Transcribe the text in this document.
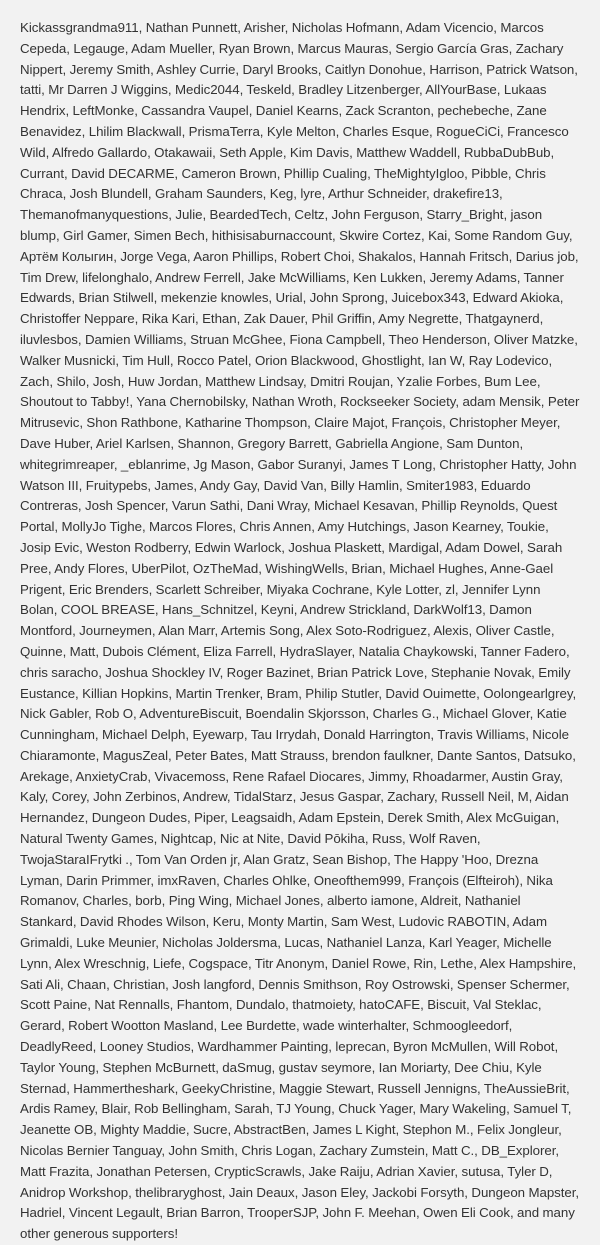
Kickassgrandma911, Nathan Punnett, Arisher, Nicholas Hofmann, Adam Vicencio, Marcos Cepeda, Legauge, Adam Mueller, Ryan Brown, Marcus Mauras, Sergio García Gras, Zachary Nippert, Jeremy Smith, Ashley Currie, Daryl Brooks, Caitlyn Donohue, Harrison, Patrick Watson, tatti, Mr Darren J Wiggins, Medic2044, Teskeld, Bradley Litzenberger, AllYourBase, Lukaas Hendrix, LeftMonke, Cassandra Vaupel, Daniel Kearns, Zack Scranton, pechebeche, Zane Benavidez, Lhilim Blackwall, PrismaTerra, Kyle Melton, Charles Esque, RogueCiCi, Francesco Wild, Alfredo Gallardo, Otakawaii, Seth Apple, Kim Davis, Matthew Waddell, RubbaDubBub, Currant, David DECARME, Cameron Brown, Phillip Cualing, TheMightyIgloo, Pibble, Chris Chraca, Josh Blundell, Graham Saunders, Keg, lyre, Arthur Schneider, drakefire13, Themanofmanyquestions, Julie, BeardedTech, Celtz, John Ferguson, Starry_Bright, jason blump, Girl Gamer, Simen Bech, hithisisaburnaccount, Skwire Cortez, Kai, Some Random Guy, Артём Колыгин, Jorge Vega, Aaron Phillips, Robert Choi, Shakalos, Hannah Fritsch, Darius job, Tim Drew, lifelonghalo, Andrew Ferrell, Jake McWilliams, Ken Lukken, Jeremy Adams, Tanner Edwards, Brian Stilwell, mekenzie knowles, Urial, John Sprong, Juicebox343, Edward Akioka, Christoffer Neppare, Rika Kari, Ethan, Zak Dauer, Phil Griffin, Amy Negrette, Thatgaynerd, iluvlesbos, Damien Williams, Struan McGhee, Fiona Campbell, Theo Henderson, Oliver Matzke, Walker Musnicki, Tim Hull, Rocco Patel, Orion Blackwood, Ghostlight, Ian W, Ray Lodevico, Zach, Shilo, Josh, Huw Jordan, Matthew Lindsay, Dmitri Roujan, Yzalie Forbes, Bum Lee, Shoutout to Tabby!, Yana Chernobilsky, Nathan Wroth, Rockseeker Society, adam Mensik, Peter Mitrusevic, Shon Rathbone, Katharine Thompson, Claire Majot, François, Christopher Meyer, Dave Huber, Ariel Karlsen, Shannon, Gregory Barrett, Gabriella Angione, Sam Dunton, whitegrimreaper, _eblanrime, Jg Mason, Gabor Suranyi, James T Long, Christopher Hatty, John Watson III, Fruitypebs, James, Andy Gay, David Van, Billy Hamlin, Smiter1983, Eduardo Contreras, Josh Spencer, Varun Sathi, Dani Wray, Michael Kesavan, Phillip Reynolds, Quest Portal, MollyJo Tighe, Marcos Flores, Chris Annen, Amy Hutchings, Jason Kearney, Toukie, Josip Evic, Weston Rodberry, Edwin Warlock, Joshua Plaskett, Mardigal, Adam Dowel, Sarah Pree, Andy Flores, UberPilot, OzTheMad, WishingWells, Brian, Michael Hughes, Anne-Gael Prigent, Eric Brenders, Scarlett Schreiber, Miyaka Cochrane, Kyle Lotter, zl, Jennifer Lynn Bolan, COOL BREASE, Hans_Schnitzel, Keyni, Andrew Strickland, DarkWolf13, Damon Montford, Journeymen, Alan Marr, Artemis Song, Alex Soto-Rodriguez, Alexis, Oliver Castle, Quinne, Matt, Dubois Clément, Eliza Farrell, HydraSlayer, Natalia Chaykowski, Tanner Fadero, chris saracho, Joshua Shockley IV, Roger Bazinet, Brian Patrick Love, Stephanie Novak, Emily Eustance, Killian Hopkins, Martin Trenker, Bram, Philip Stutler, David Ouimette, Oolongearlgrey, Nick Gabler, Rob O, AdventureBiscuit, Boendalin Skjorsson, Charles G., Michael Glover, Katie Cunningham, Michael Delph, Eyewarp, Tau Irrydah, Donald Harrington, Travis Williams, Nicole Chiaramonte, MagusZeal, Peter Bates, Matt Strauss, brendon faulkner, Dante Santos, Datsuko, Arekage, AnxietyCrab, Vivacemoss, Rene Rafael Diocares, Jimmy, Rhoadarmer, Austin Gray, Kaly, Corey, John Zerbinos, Andrew, TidalStarz, Jesus Gaspar, Zachary, Russell Neil, M, Aidan Hernandez, Dungeon Dudes, Piper, Leagsaidh, Adam Epstein, Derek Smith, Alex McGuigan, Natural Twenty Games, Nightcap, Nic at Nite, David Pōkiha, Russ, Wolf Raven, TwojaStaraIFrytki ., Tom Van Orden jr, Alan Gratz, Sean Bishop, The Happy 'Hoo, Drezna Lyman, Darin Primmer, imxRaven, Charles Ohlke, Oneofthem999, François (Elfteiroh), Nika Romanov, Charles, borb, Ping Wing, Michael Jones, alberto iamone, Aldreit, Nathaniel Stankard, David Rhodes Wilson, Keru, Monty Martin, Sam West, Ludovic RABOTIN, Adam Grimaldi, Luke Meunier, Nicholas Joldersma, Lucas, Nathaniel Lanza, Karl Yeager, Michelle Lynn, Alex Wreschnig, Liefe, Cogspace, Titr Anonym, Daniel Rowe, Rin, Lethe, Alex Hampshire, Sati Ali, Chaan, Christian, Josh langford, Dennis Smithson, Roy Ostrowski, Spenser Schermer, Scott Paine, Nat Rennalls, Fhantom, Dundalo, thatmoiety, hatoCAFE, Biscuit, Val Steklac, Gerard, Robert Wootton Masland, Lee Burdette, wade winterhalter, Schmoogleedorf, DeadlyReed, Looney Studios, Wardhammer Painting, leprecan, Byron McMullen, Will Robot, Taylor Young, Stephen McBurnett, daSmug, gustav seymore, Ian Moriarty, Dee Chiu, Kyle Sternad, Hammertheshark, GeekyChristine, Maggie Stewart, Russell Jennigns, TheAussieBrit, Ardis Ramey, Blair, Rob Bellingham, Sarah, TJ Young, Chuck Yager, Mary Wakeling, Samuel T, Jeanette OB, Mighty Maddie, Sucre, AbstractBen, James L Kight, Stephon M., Felix Jongleur, Nicolas Bernier Tanguay, John Smith, Chris Logan, Zachary Zumstein, Matt C., DB_Explorer, Matt Frazita, Jonathan Petersen, CrypticScrawls, Jake Raiju, Adrian Xavier, sutusa, Tyler D, Anidrop Workshop, thelibraryghost, Jain Deaux, Jason Eley, Jackobi Forsyth, Dungeon Mapster, Hadriel, Vincent Legault, Brian Barron, TrooperSJP, John F. Meehan, Owen Eli Cook, and many other generous supporters!
